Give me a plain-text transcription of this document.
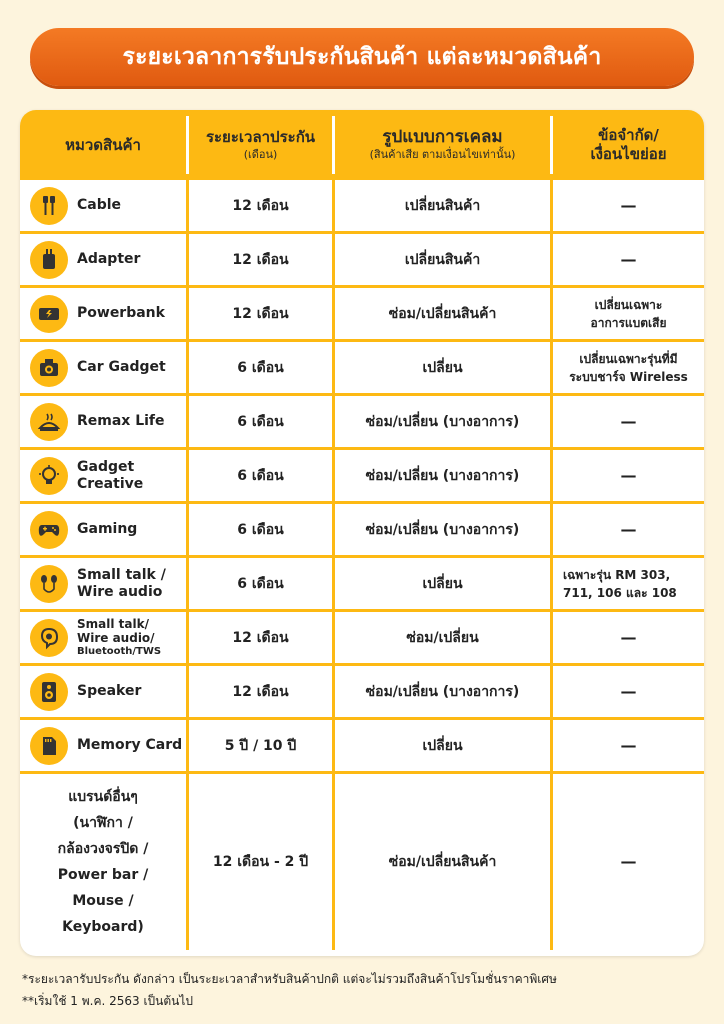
ระยะเวลาการรับประกันสินค้า แต่ละหมวดสินค้า
หมวดสินค้า	ระยะเวลาประกัน
(เดือน)
รูปแบบการเคลม
(สินค้าเสีย ตามเงื่อนไขเท่านั้น)
ข้อจำกัด/
เงื่อนไขย่อย
Cable	12 เดือน	เปลี่ยนสินค้า	—
Adapter	12 เดือน	เปลี่ยนสินค้า	—
Powerbank	12 เดือน	ซ่อม/เปลี่ยนสินค้า
เปลี่ยนเฉพาะ
อาการแบตเสีย
Car Gadget	6 เดือน	เปลี่ยน
เปลี่ยนเฉพาะรุ่นที่มี
ระบบชาร์จ Wireless
Remax Life	6 เดือน	ซ่อม/เปลี่ยน (บางอาการ)	—
Gadget
Creative	6 เดือน	ซ่อม/เปลี่ยน (บางอาการ)	—
Gaming	6 เดือน	ซ่อม/เปลี่ยน (บางอาการ)	—
Small talk /
Wire audio	6 เดือน	เปลี่ยน
เฉพาะรุ่น RM 303,
711, 106 และ 108
Small talk/
Wire audio/
Bluetooth/TWS
12 เดือน	ซ่อม/เปลี่ยน	—
Speaker	12 เดือน	ซ่อม/เปลี่ยน (บางอาการ)	—
Memory Card	5 ปี / 10 ปี	เปลี่ยน	—
แบรนด์อื่นๆ
(นาฬิกา /
กล้องวงจรปิด /
Power bar /
Mouse /
Keyboard)
12 เดือน - 2 ปี	ซ่อม/เปลี่ยนสินค้า	—
*ระยะเวลารับประกัน ดังกล่าว เป็นระยะเวลาสำหรับสินค้าปกติ แต่จะไม่รวมถึงสินค้าโปรโมชั่นราคาพิเศษ
**เริ่มใช้ 1 พ.ค. 2563 เป็นต้นไป
